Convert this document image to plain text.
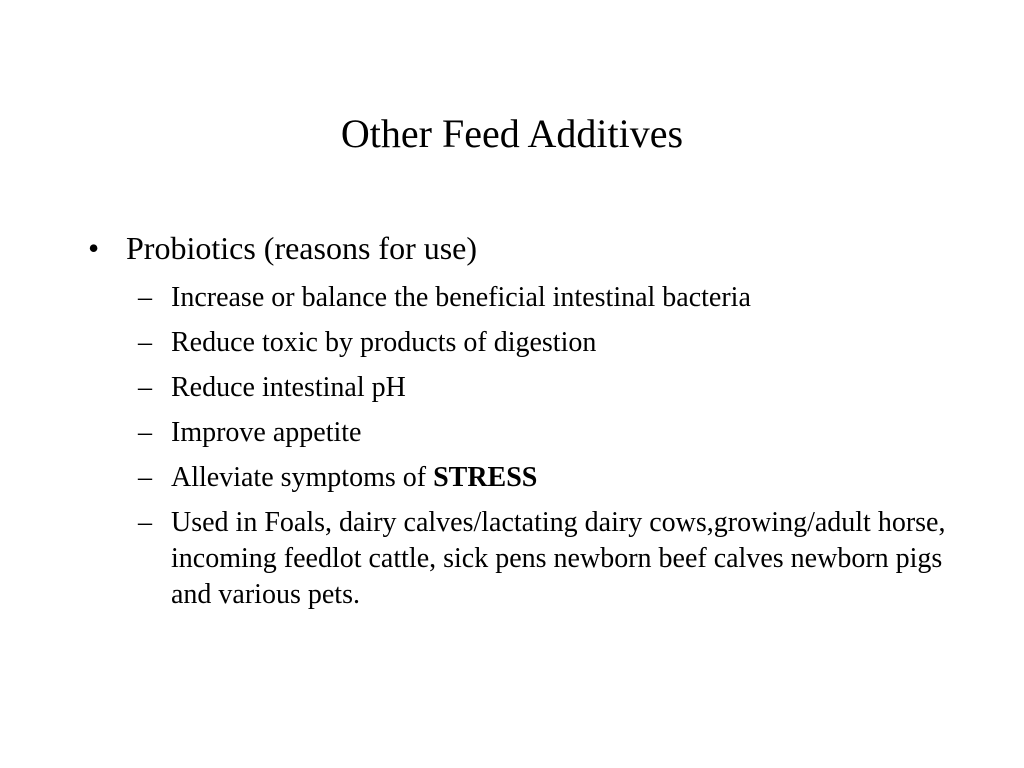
Other Feed Additives
• Probiotics (reasons for use)
– Increase or balance the beneficial intestinal bacteria
– Reduce toxic by products of digestion
– Reduce intestinal pH
– Improve appetite
– Alleviate symptoms of STRESS
– Used in Foals, dairy calves/lactating dairy cows,growing/adult horse, incoming feedlot cattle, sick pens newborn beef calves newborn pigs and various pets.
